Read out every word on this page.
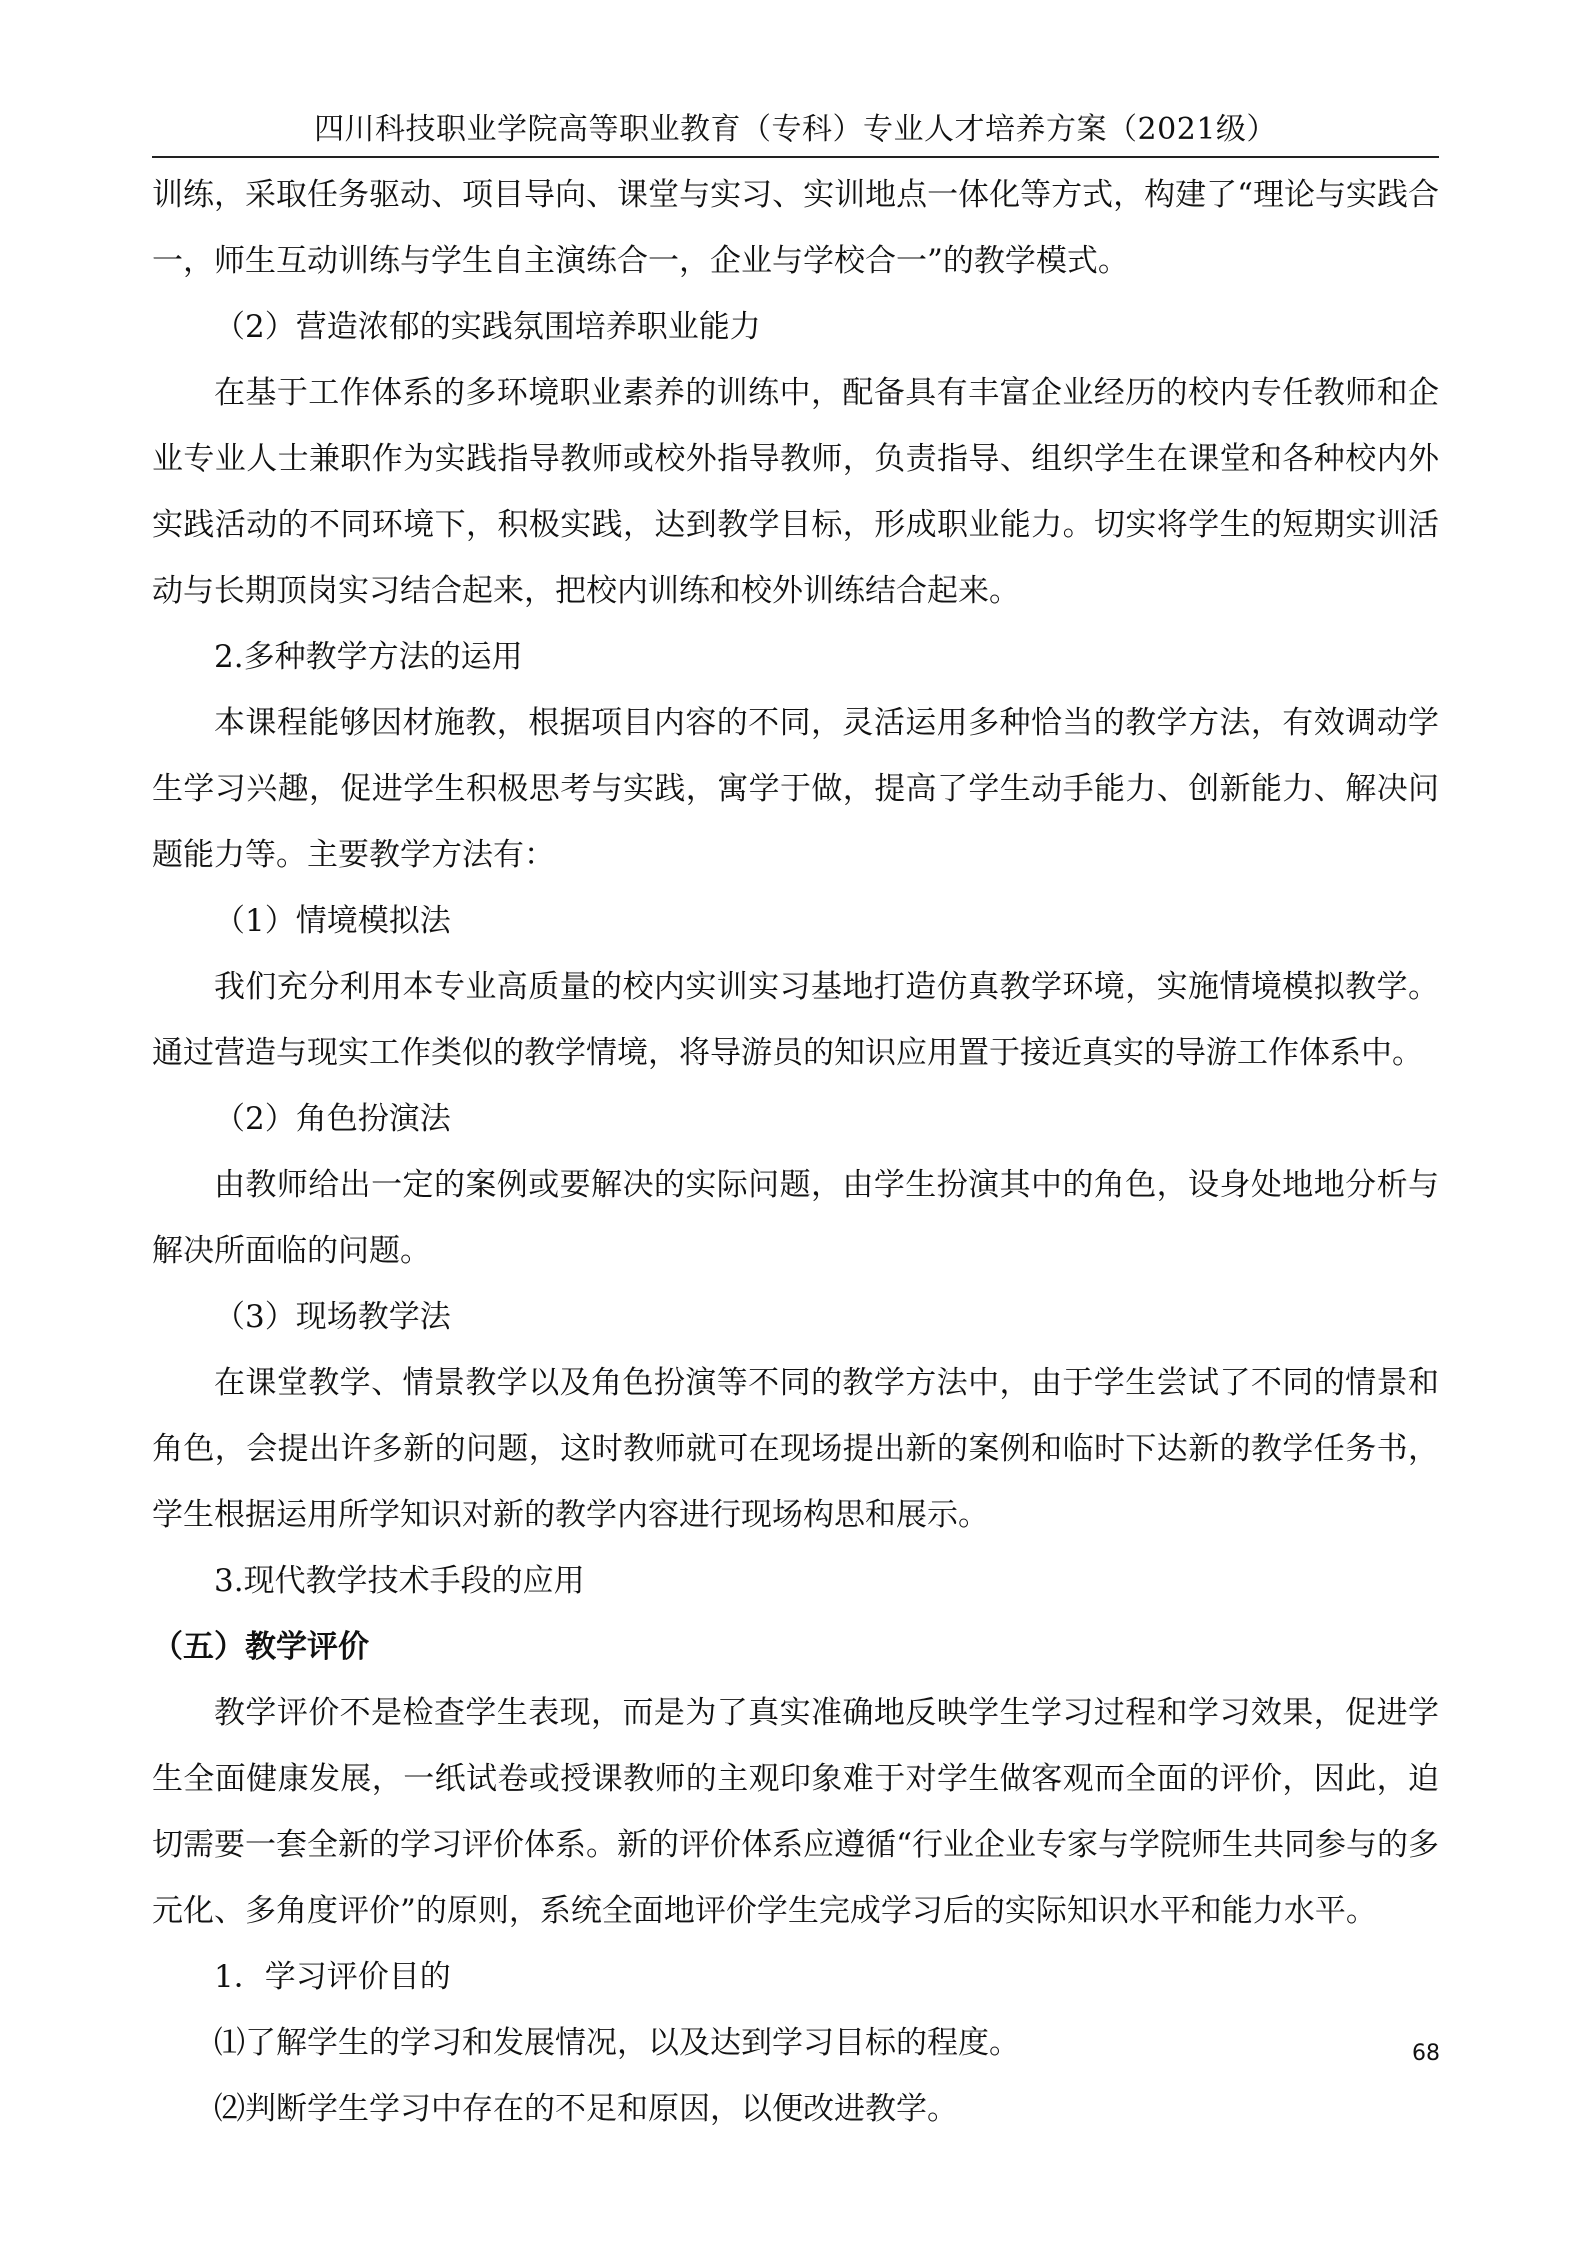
四川科技职业学院高等职业教育（专科）专业人才培养方案（2021级）

训练，采取任务驱动、项目导向、课堂与实习、实训地点一体化等方式，构建了“理论与实践合一，师生互动训练与学生自主演练合一，企业与学校合一”的教学模式。

（2）营造浓郁的实践氛围培养职业能力

在基于工作体系的多环境职业素养的训练中，配备具有丰富企业经历的校内专任教师和企业专业人士兼职作为实践指导教师或校外指导教师，负责指导、组织学生在课堂和各种校内外实践活动的不同环境下，积极实践，达到教学目标，形成职业能力。切实将学生的短期实训活动与长期顶岗实习结合起来，把校内训练和校外训练结合起来。

2.多种教学方法的运用

本课程能够因材施教，根据项目内容的不同，灵活运用多种恰当的教学方法，有效调动学生学习兴趣，促进学生积极思考与实践，寓学于做，提高了学生动手能力、创新能力、解决问题能力等。主要教学方法有：

（1）情境模拟法

我们充分利用本专业高质量的校内实训实习基地打造仿真教学环境，实施情境模拟教学。通过营造与现实工作类似的教学情境，将导游员的知识应用置于接近真实的导游工作体系中。

（2）角色扮演法

由教师给出一定的案例或要解决的实际问题，由学生扮演其中的角色，设身处地地分析与解决所面临的问题。

（3）现场教学法

在课堂教学、情景教学以及角色扮演等不同的教学方法中，由于学生尝试了不同的情景和角色，会提出许多新的问题，这时教师就可在现场提出新的案例和临时下达新的教学任务书，学生根据运用所学知识对新的教学内容进行现场构思和展示。

3.现代教学技术手段的应用

（五）教学评价

教学评价不是检查学生表现，而是为了真实准确地反映学生学习过程和学习效果，促进学生全面健康发展，一纸试卷或授课教师的主观印象难于对学生做客观而全面的评价，因此，迫切需要一套全新的学习评价体系。新的评价体系应遵循“行业企业专家与学院师生共同参与的多元化、多角度评价”的原则，系统全面地评价学生完成学习后的实际知识水平和能力水平。

1．学习评价目的

⑴了解学生的学习和发展情况，以及达到学习目标的程度。

⑵判断学生学习中存在的不足和原因，以便改进教学。

68
